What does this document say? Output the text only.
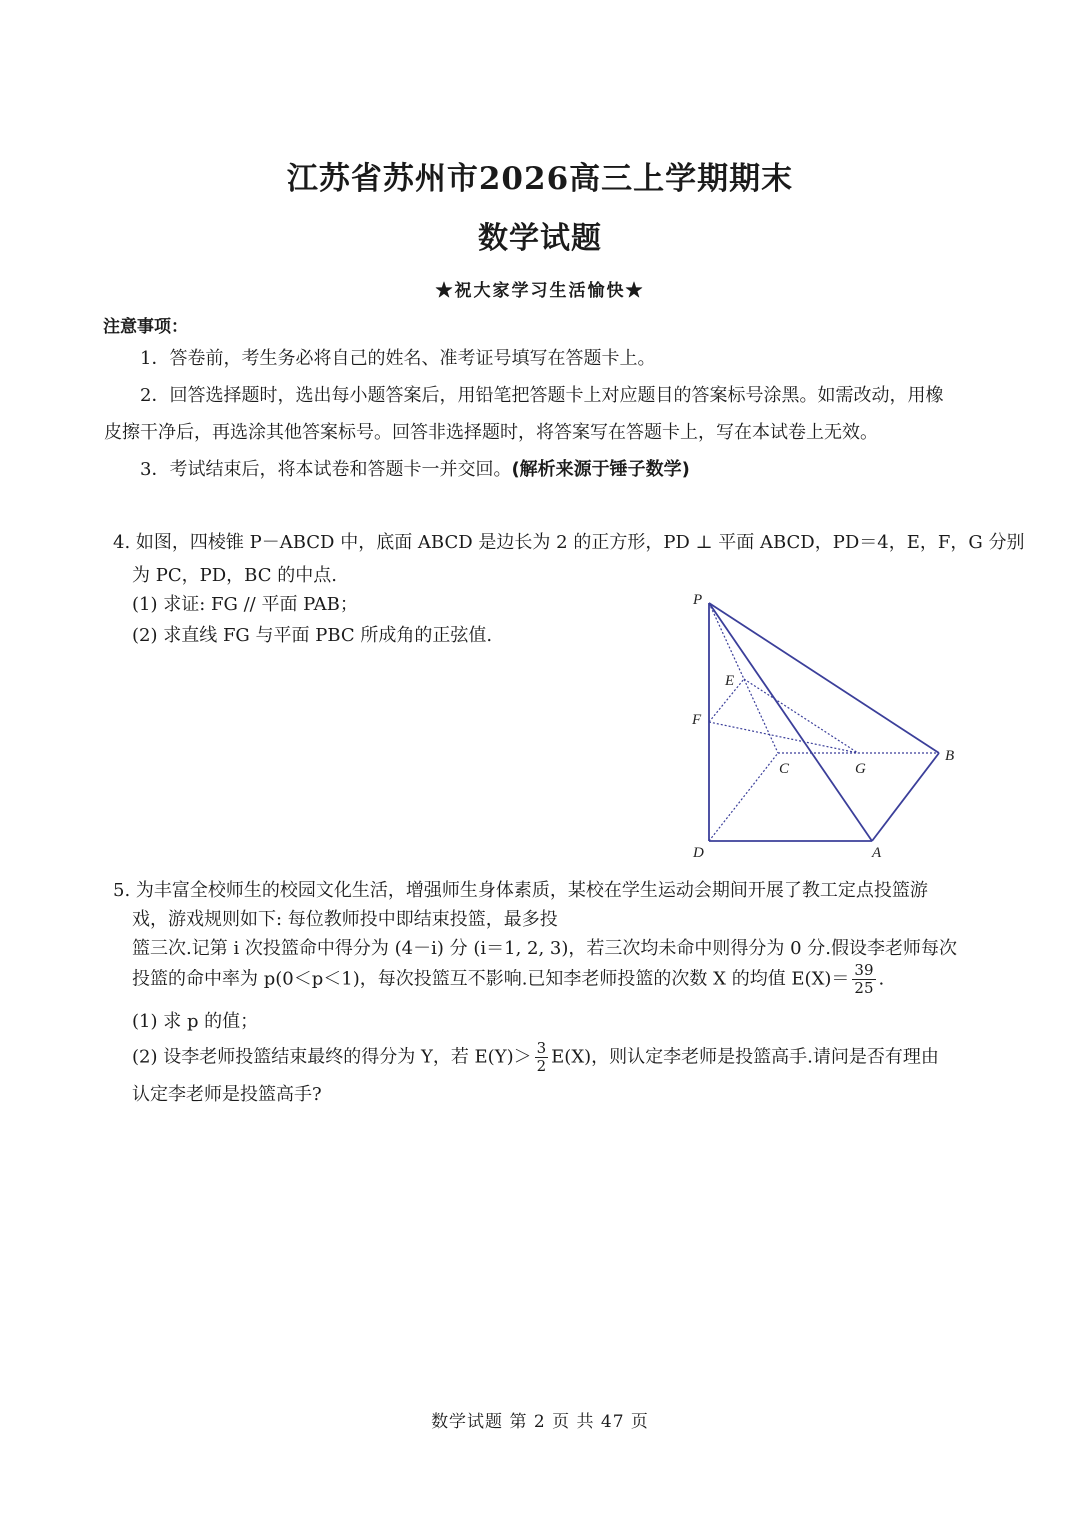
江苏省苏州市2026高三上学期期末
数学试题
★祝大家学习生活愉快★
注意事项：
1．答卷前，考生务必将自己的姓名、准考证号填写在答题卡上。
2．回答选择题时，选出每小题答案后，用铅笔把答题卡上对应题目的答案标号涂黑。如需改动，用橡
皮擦干净后，再选涂其他答案标号。回答非选择题时，将答案写在答题卡上，写在本试卷上无效。
3．考试结束后，将本试卷和答题卡一并交回。(解析来源于锤子数学)
4. 如图，四棱锥 P－ABCD 中，底面 ABCD 是边长为 2 的正方形，PD ⊥ 平面 ABCD，PD＝4，E，F，G 分别
为 PC，PD，BC 的中点.
(1) 求证: FG // 平面 PAB；
(2) 求直线 FG 与平面 PBC 所成角的正弦值.
P
E
F
C	G
B
D	A
5. 为丰富全校师生的校园文化生活，增强师生身体素质，某校在学生运动会期间开展了教工定点投篮游
戏，游戏规则如下: 每位教师投中即结束投篮，最多投
篮三次.记第 i 次投篮命中得分为 (4－i) 分 (i＝1, 2, 3)，若三次均未命中则得分为 0 分.假设李老师每次
投篮的命中率为 p(0＜p＜1)，每次投篮互不影响.已知李老师投篮的次数 X 的均值 $E(X)= \frac{39}{25}$ .
(1) 求 p 的值；
(2) 设李老师投篮结束最终的得分为 Y，若 $E(Y)> \frac{3}{2} E(X)$，则认定李老师是投篮高手.请问是否有理由
认定李老师是投篮高手?
数学试题 第 2 页 共 47 页
